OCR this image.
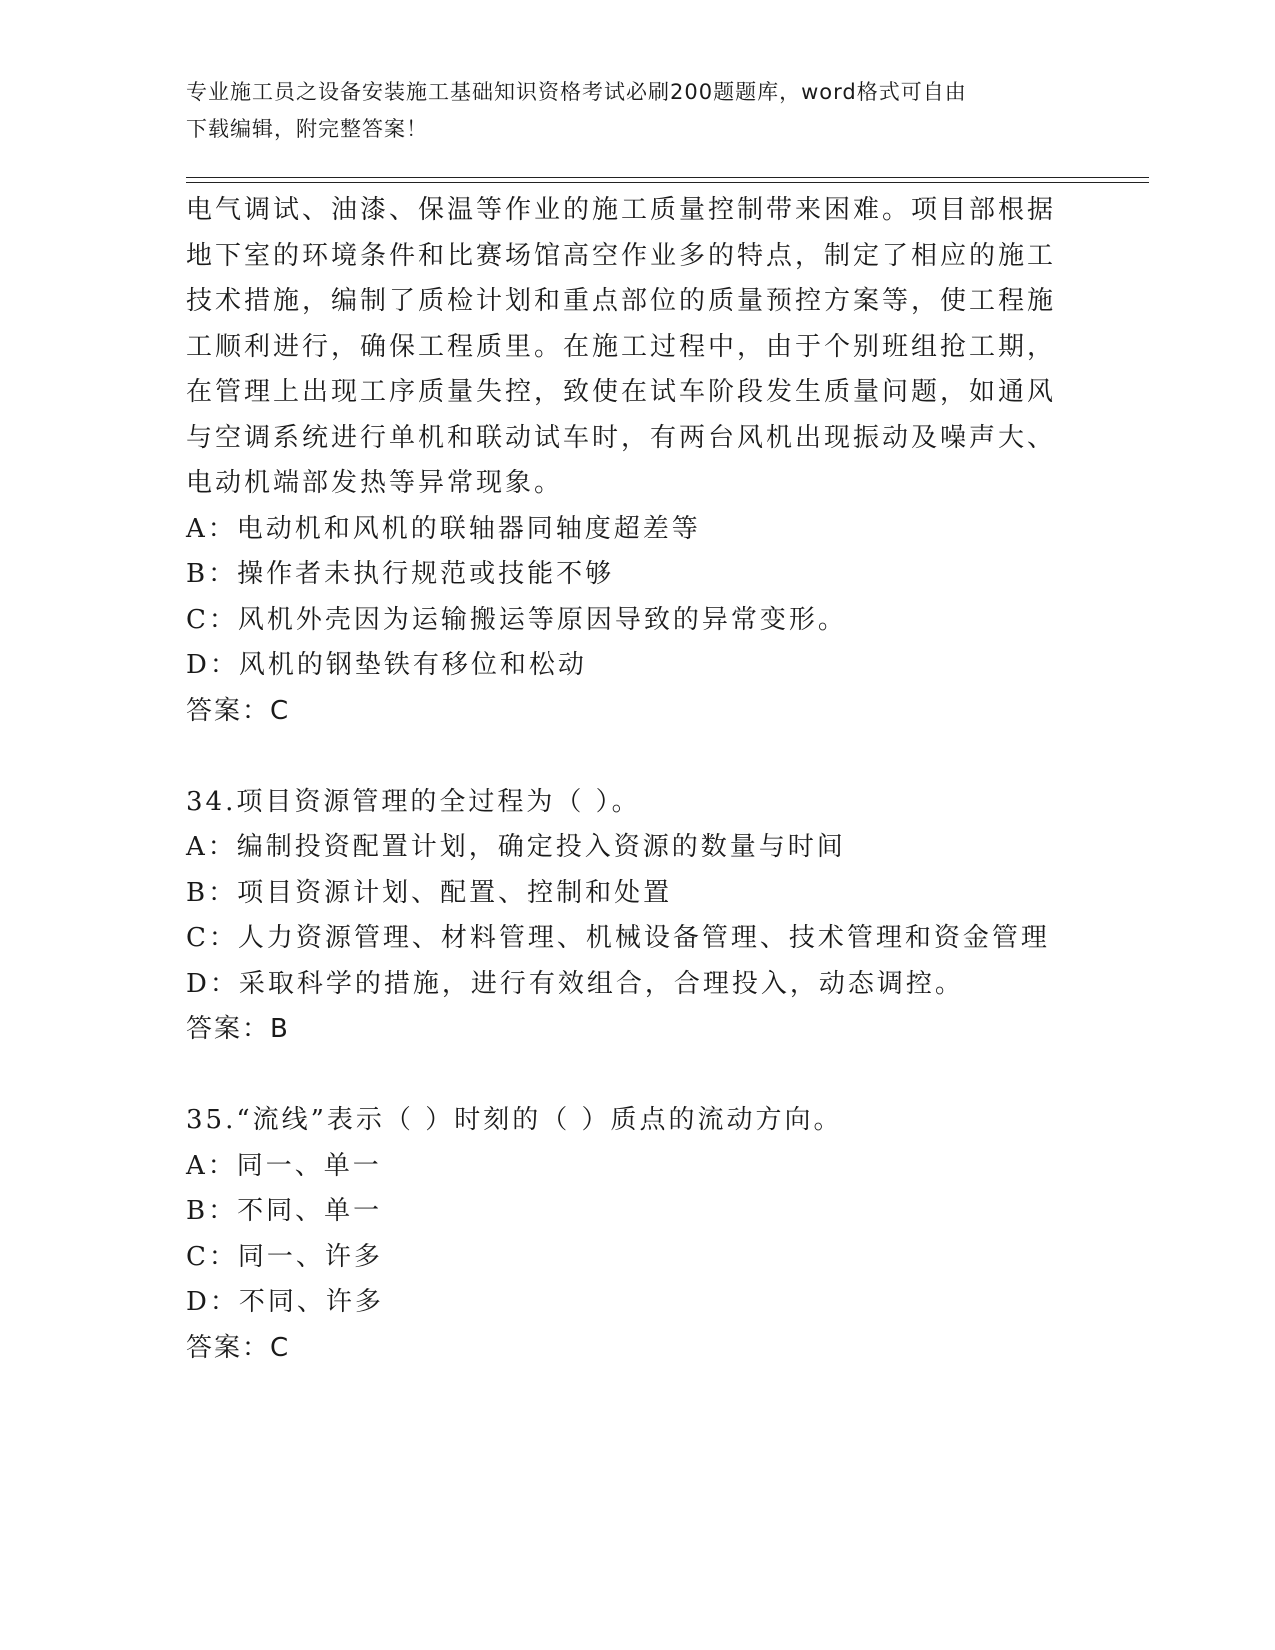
专业施工员之设备安装施工基础知识资格考试必刷200题题库，word格式可自由
下载编辑，附完整答案！
电气调试、油漆、保温等作业的施工质量控制带来困难。项目部根据
地下室的环境条件和比赛场馆高空作业多的特点，制定了相应的施工
技术措施，编制了质检计划和重点部位的质量预控方案等，使工程施
工顺利进行，确保工程质里。在施工过程中，由于个别班组抢工期，
在管理上出现工序质量失控，致使在试车阶段发生质量问题，如通风
与空调系统进行单机和联动试车时，有两台风机出现振动及噪声大、
电动机端部发热等异常现象。
A：电动机和风机的联轴器同轴度超差等
B：操作者未执行规范或技能不够
C：风机外壳因为运输搬运等原因导致的异常变形。
D：风机的钢垫铁有移位和松动
答案：C
34.项目资源管理的全过程为（ ）。
A：编制投资配置计划，确定投入资源的数量与时间
B：项目资源计划、配置、控制和处置
C：人力资源管理、材料管理、机械设备管理、技术管理和资金管理
D：采取科学的措施，进行有效组合，合理投入，动态调控。
答案：B
35.“流线”表示（ ）时刻的（ ）质点的流动方向。
A：同一、单一
B：不同、单一
C：同一、许多
D：不同、许多
答案：C
